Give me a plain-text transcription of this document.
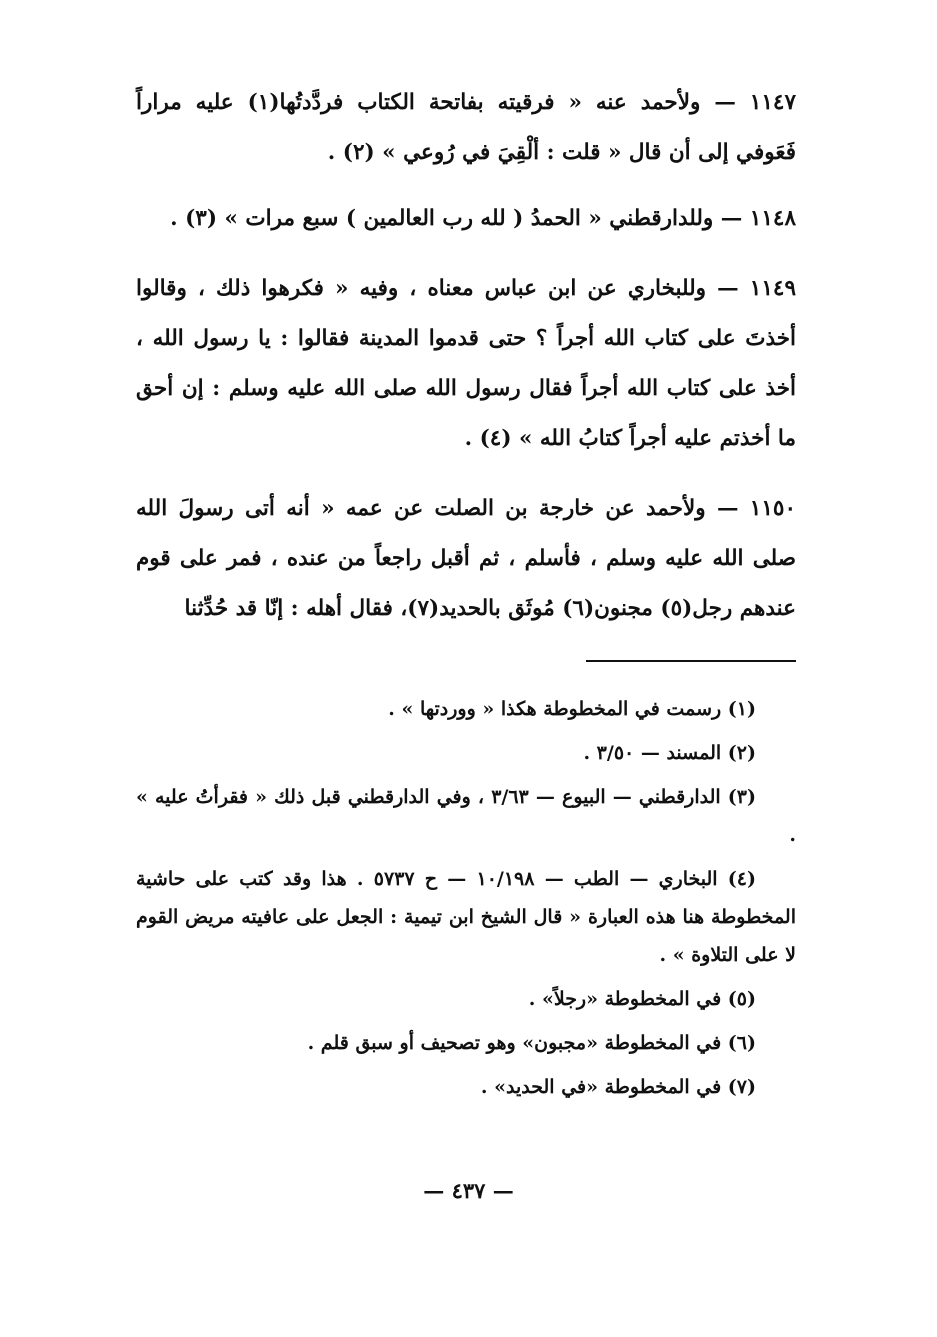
١١٤٧ — ولأحمد عنه « فرقيته بفاتحة الكتاب فردَّدتُها(١) عليه مراراً فَعَوفي إلى أن قال « قلت : ألْقِيَ في رُوعي » (٢) .

١١٤٨ — وللدارقطني « الحمدُ ( لله رب العالمين ) سبع مرات » (٣) .

١١٤٩ — وللبخاري عن ابن عباس معناه ، وفيه « فكرهوا ذلك ، وقالوا أخذتَ على كتاب الله أجراً ؟ حتى قدموا المدينة فقالوا : يا رسول الله ، أخذ على كتاب الله أجراً فقال رسول الله صلى الله عليه وسلم : إن أحق ما أخذتم عليه أجراً كتابُ الله » (٤) .

١١٥٠ — ولأحمد عن خارجة بن الصلت عن عمه « أنه أتى رسولَ الله صلى الله عليه وسلم ، فأسلم ، ثم أقبل راجعاً من عنده ، فمر على قوم عندهم رجل(٥) مجنون(٦) مُوثَق بالحديد(٧)، فقال أهله : إنّا قد حُدِّثنا

(١) رسمت في المخطوطة هكذا « ووردتها » .

(٢) المسند — ٣/٥٠ .

(٣) الدارقطني — البيوع — ٣/٦٣ ، وفي الدارقطني قبل ذلك « فقرأتُ عليه » .

(٤) البخاري — الطب — ١٠/١٩٨ — ح ٥٧٣٧ . هذا وقد كتب على حاشية المخطوطة هنا هذه العبارة « قال الشيخ ابن تيمية : الجعل على عافيته مريض القوم لا على التلاوة » .

(٥) في المخطوطة «رجلاً» .

(٦) في المخطوطة «مجبون» وهو تصحيف أو سبق قلم .

(٧) في المخطوطة «في الحديد» .

— ٤٣٧ —
